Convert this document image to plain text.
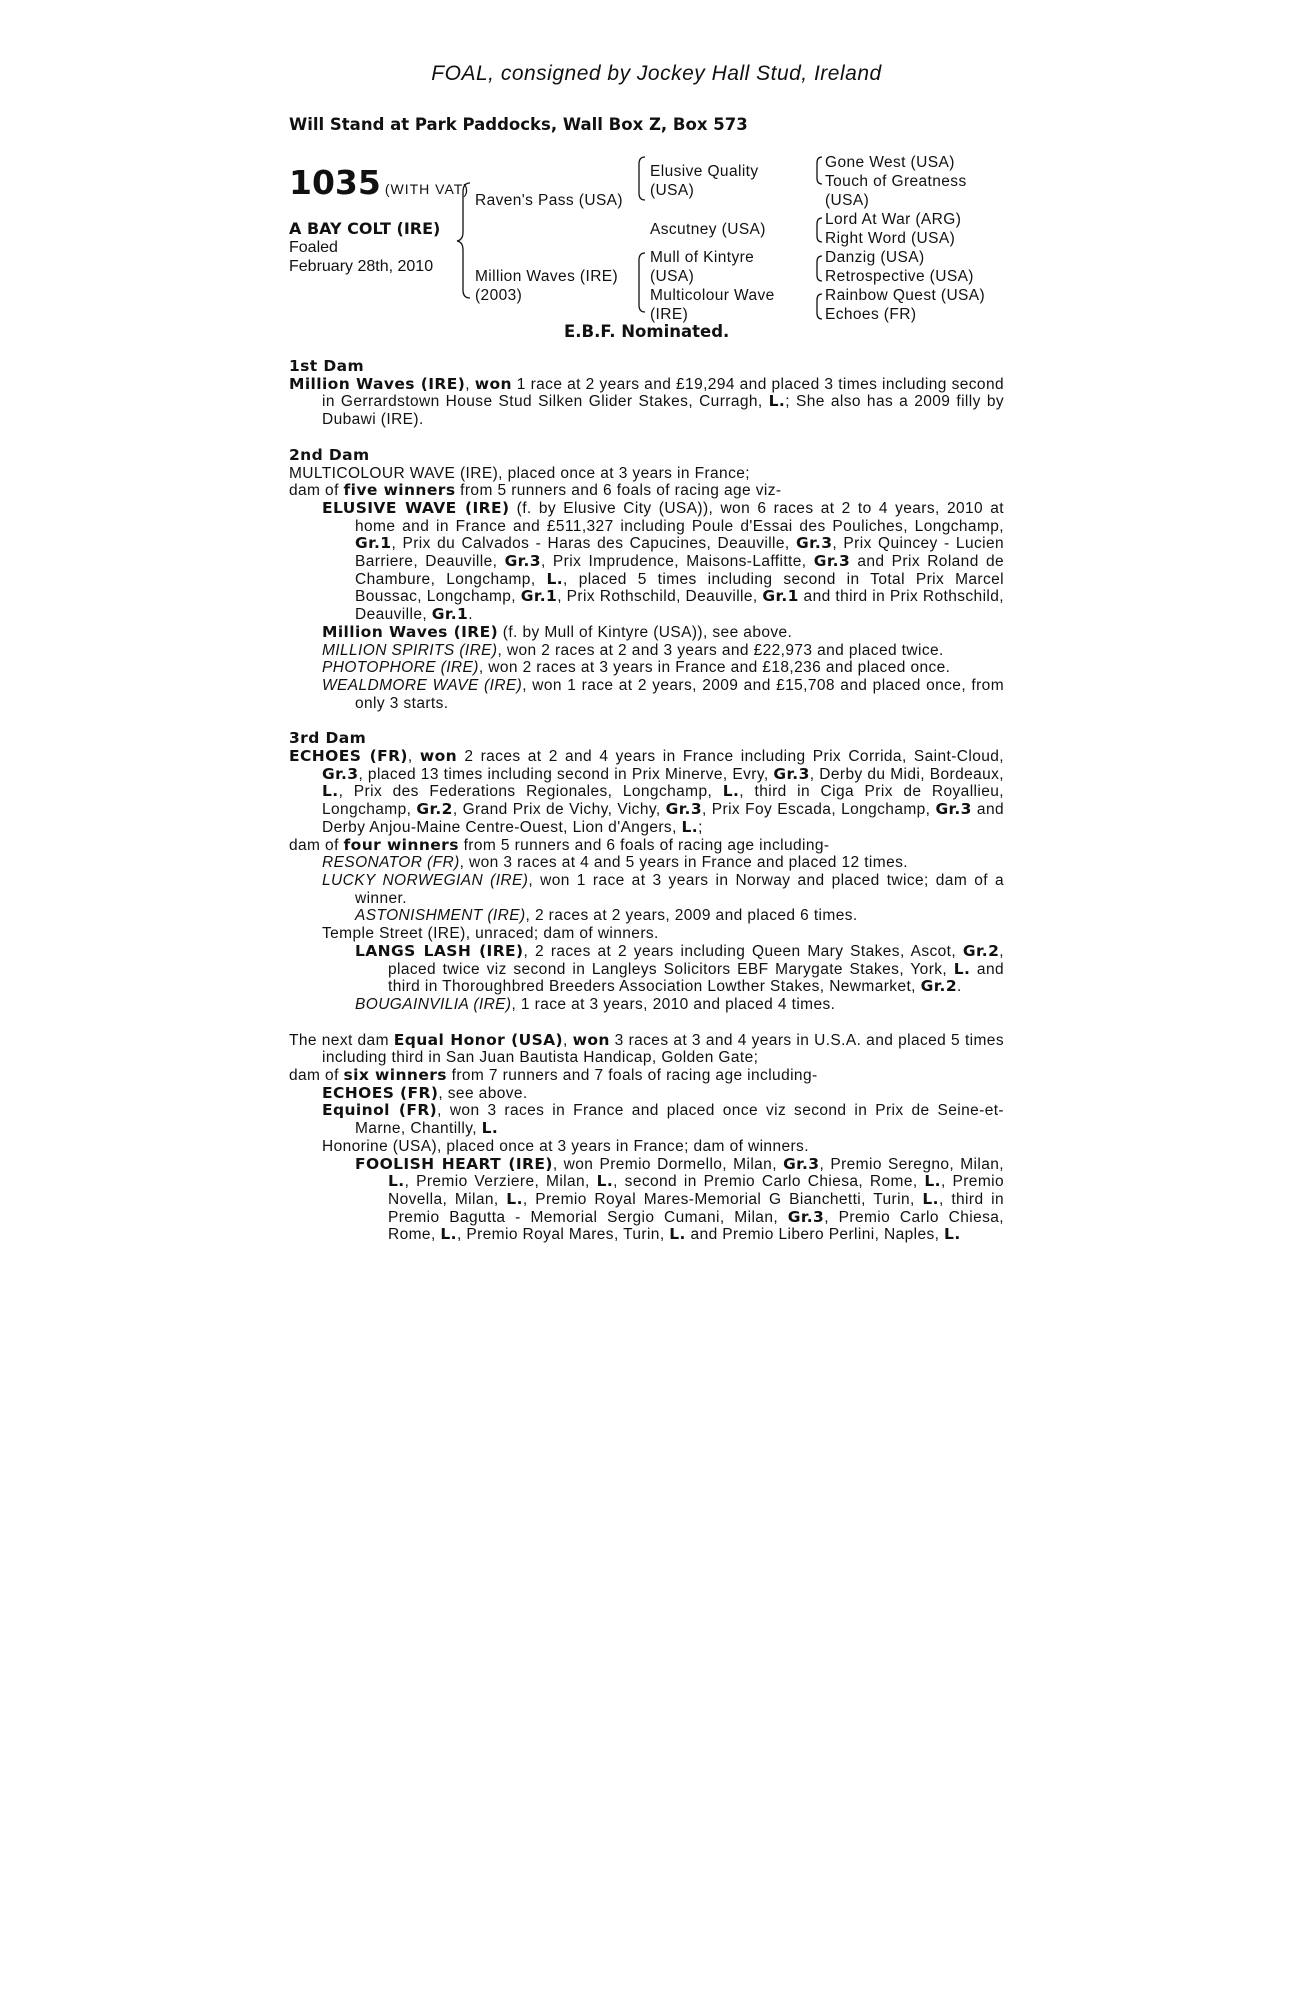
FOAL, consigned by Jockey Hall Stud, Ireland
Will Stand at Park Paddocks, Wall Box Z, Box 573
1035 (WITH VAT)
A BAY COLT (IRE)
Foaled
February 28th, 2010
Raven's Pass (USA)
Million Waves (IRE)
(2003)
Elusive Quality
(USA)
Ascutney (USA)
Mull of Kintyre
(USA)
Multicolour Wave
(IRE)
Gone West (USA)
Touch of Greatness
(USA)
Lord At War (ARG)
Right Word (USA)
Danzig (USA)
Retrospective (USA)
Rainbow Quest (USA)
Echoes (FR)
E.B.F. Nominated.
1st Dam

Million Waves (IRE), won 1 race at 2 years and £19,294 and placed 3 times including second in Gerrardstown House Stud Silken Glider Stakes, Curragh, L.; She also has a 2009 filly by Dubawi (IRE).

2nd Dam

MULTICOLOUR WAVE (IRE), placed once at 3 years in France;

dam of five winners from 5 runners and 6 foals of racing age viz-

ELUSIVE WAVE (IRE) (f. by Elusive City (USA)), won 6 races at 2 to 4 years, 2010 at home and in France and £511,327 including Poule d'Essai des Pouliches, Longchamp, Gr.1, Prix du Calvados - Haras des Capucines, Deauville, Gr.3, Prix Quincey - Lucien Barriere, Deauville, Gr.3, Prix Imprudence, Maisons-Laffitte, Gr.3 and Prix Roland de Chambure, Longchamp, L., placed 5 times including second in Total Prix Marcel Boussac, Longchamp, Gr.1, Prix Rothschild, Deauville, Gr.1 and third in Prix Rothschild, Deauville, Gr.1.

Million Waves (IRE) (f. by Mull of Kintyre (USA)), see above.

MILLION SPIRITS (IRE), won 2 races at 2 and 3 years and £22,973 and placed twice.

PHOTOPHORE (IRE), won 2 races at 3 years in France and £18,236 and placed once.

WEALDMORE WAVE (IRE), won 1 race at 2 years, 2009 and £15,708 and placed once, from only 3 starts.

3rd Dam

ECHOES (FR), won 2 races at 2 and 4 years in France including Prix Corrida, Saint-Cloud, Gr.3, placed 13 times including second in Prix Minerve, Evry, Gr.3, Derby du Midi, Bordeaux, L., Prix des Federations Regionales, Longchamp, L., third in Ciga Prix de Royallieu, Longchamp, Gr.2, Grand Prix de Vichy, Vichy, Gr.3, Prix Foy Escada, Longchamp, Gr.3 and Derby Anjou-Maine Centre-Ouest, Lion d'Angers, L.;

dam of four winners from 5 runners and 6 foals of racing age including-

RESONATOR (FR), won 3 races at 4 and 5 years in France and placed 12 times.

LUCKY NORWEGIAN (IRE), won 1 race at 3 years in Norway and placed twice; dam of a winner.

ASTONISHMENT (IRE), 2 races at 2 years, 2009 and placed 6 times.

Temple Street (IRE), unraced; dam of winners.

LANGS LASH (IRE), 2 races at 2 years including Queen Mary Stakes, Ascot, Gr.2, placed twice viz second in Langleys Solicitors EBF Marygate Stakes, York, L. and third in Thoroughbred Breeders Association Lowther Stakes, Newmarket, Gr.2.

BOUGAINVILIA (IRE), 1 race at 3 years, 2010 and placed 4 times.

The next dam Equal Honor (USA), won 3 races at 3 and 4 years in U.S.A. and placed 5 times including third in San Juan Bautista Handicap, Golden Gate;

dam of six winners from 7 runners and 7 foals of racing age including-

ECHOES (FR), see above.

Equinol (FR), won 3 races in France and placed once viz second in Prix de Seine-et-Marne, Chantilly, L.

Honorine (USA), placed once at 3 years in France; dam of winners.

FOOLISH HEART (IRE), won Premio Dormello, Milan, Gr.3, Premio Seregno, Milan, L., Premio Verziere, Milan, L., second in Premio Carlo Chiesa, Rome, L., Premio Novella, Milan, L., Premio Royal Mares-Memorial G Bianchetti, Turin, L., third in Premio Bagutta - Memorial Sergio Cumani, Milan, Gr.3, Premio Carlo Chiesa, Rome, L., Premio Royal Mares, Turin, L. and Premio Libero Perlini, Naples, L.
